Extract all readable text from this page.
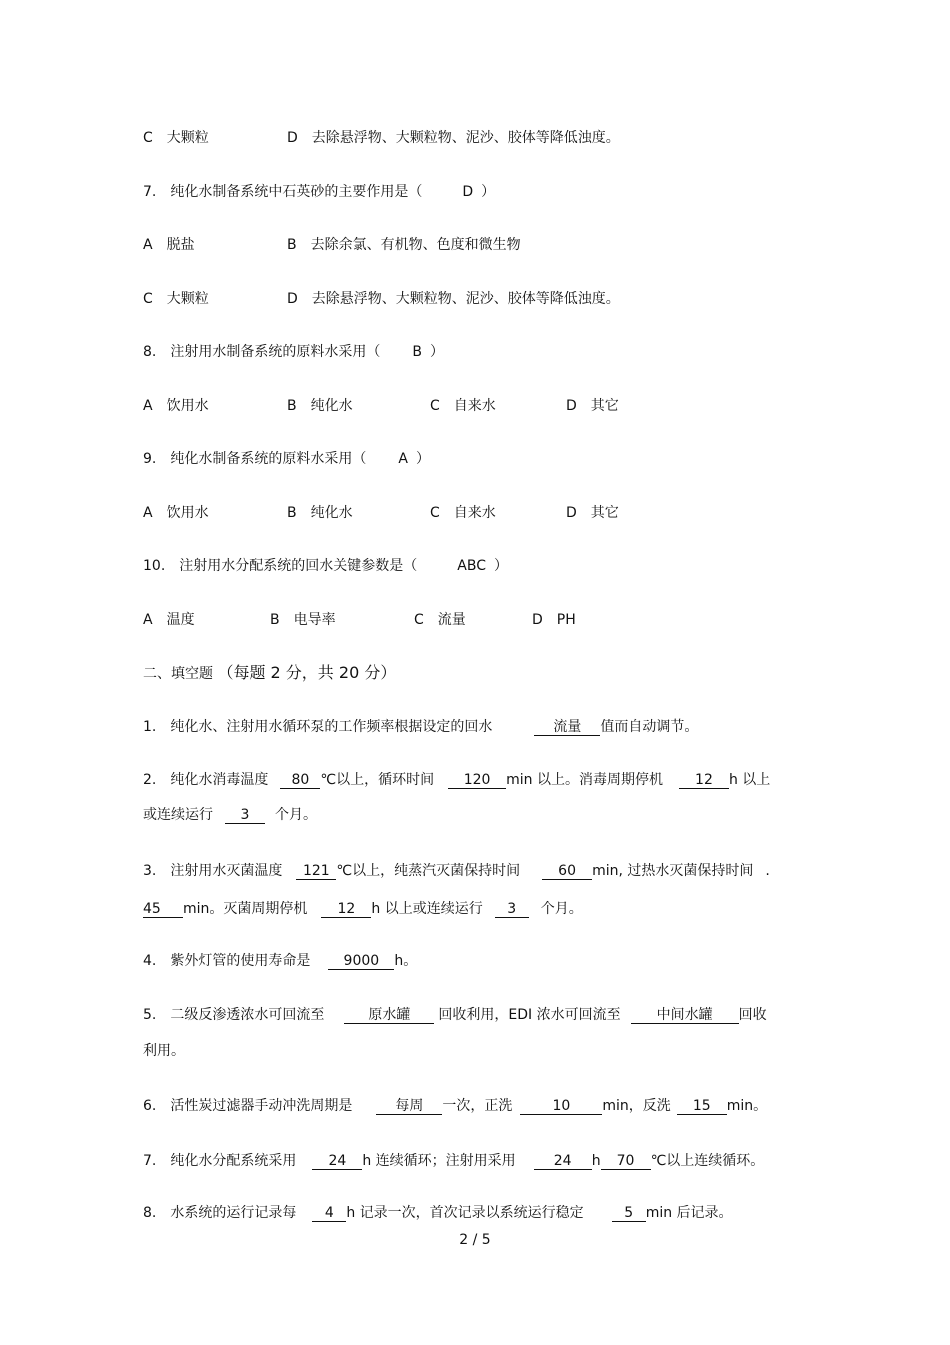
C　大颗粒	D　去除悬浮物、大颗粒物、泥沙、胶体等降低浊度。
7.　纯化水制备系统中石英砂的主要作用是（	D ）
A　脱盐	B　去除余氯、有机物、色度和微生物
C　大颗粒	D　去除悬浮物、大颗粒物、泥沙、胶体等降低浊度。
8.　注射用水制备系统的原料水采用（ B ）
A　饮用水	B　纯化水	C　自来水	D　其它
9.　纯化水制备系统的原料水采用（ A ）
A　饮用水	B　纯化水	C　自来水	D　其它
10.　注射用水分配系统的回水关键参数是（	ABC ）
A　温度	B　电导率	C　流量	D　PH
二、填空题 （每题 2 分，共 20 分）
1.　纯化水、注射用水循环泵的工作频率根据设定的回水	流量 值而自动调节。
2.　纯化水消毒温度 80 ℃以上，循环时间 120 min 以上。消毒周期停机 12 h 以上
或连续运行 3 个月。
3.　注射用水灭菌温度 121 ℃以上，纯蒸汽灭菌保持时间	60 min, 过热水灭菌保持时间 .
45 min。灭菌周期停机 12 h 以上或连续运行 3 个月。
4.　紫外灯管的使用寿命是 9000 h。
5.　二级反渗透浓水可回流至	原水罐 回收利用，EDI 浓水可回流至	中间水罐 回收
利用。
6.　活性炭过滤器手动冲洗周期是	每周 一次，正洗	10 min，反洗 15 min。
7.　纯化水分配系统采用 24 h 连续循环；注射用采用	24 h 70 ℃以上连续循环。
8.　水系统的运行记录每 4 h 记录一次，首次记录以系统运行稳定	5 min 后记录。
2 / 5
